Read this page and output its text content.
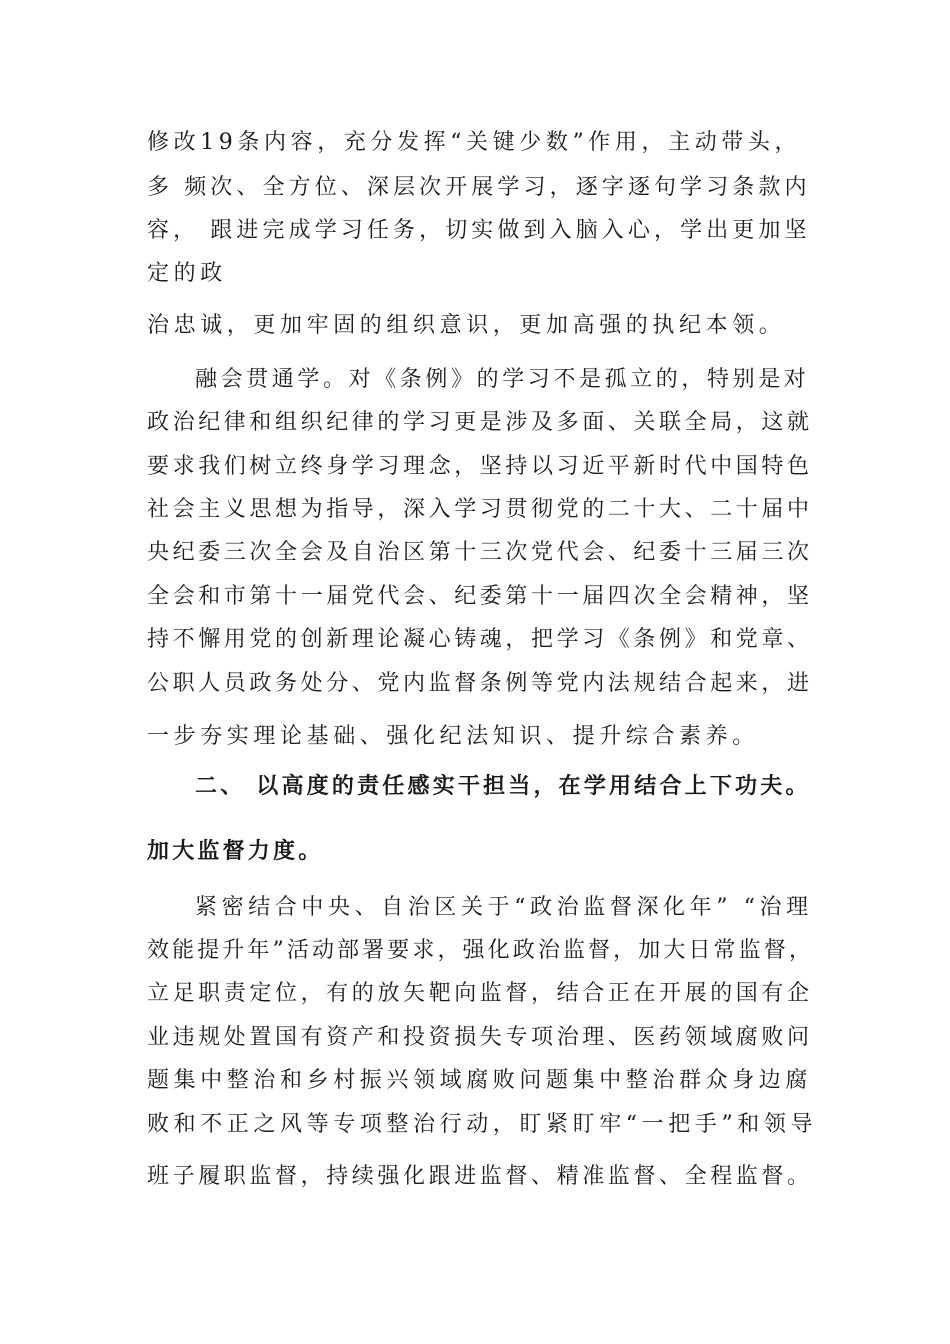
修改19条内容，充分发挥“关键少数”作用，主动带头，
多 频次、全方位、深层次开展学习，逐字逐句学习条款内
容， 跟进完成学习任务，切实做到入脑入心，学出更加坚
定的政
治忠诚，更加牢固的组织意识，更加高强的执纪本领。
融会贯通学。对《条例》的学习不是孤立的，特别是对
政治纪律和组织纪律的学习更是涉及多面、关联全局，这就
要求我们树立终身学习理念，坚持以习近平新时代中国特色
社会主义思想为指导，深入学习贯彻党的二十大、二十届中
央纪委三次全会及自治区第十三次党代会、纪委十三届三次
全会和市第十一届党代会、纪委第十一届四次全会精神，坚
持不懈用党的创新理论凝心铸魂，把学习《条例》和党章、
公职人员政务处分、党内监督条例等党内法规结合起来，进
一步夯实理论基础、强化纪法知识、提升综合素养。
二、 以高度的责任感实干担当，在学用结合上下功夫。
加大监督力度。
紧密结合中央、自治区关于“政治监督深化年” “治理
效能提升年”活动部署要求，强化政治监督，加大日常监督，
立足职责定位，有的放矢靶向监督，结合正在开展的国有企
业违规处置国有资产和投资损失专项治理、医药领域腐败问
题集中整治和乡村振兴领域腐败问题集中整治群众身边腐
败和不正之风等专项整治行动，盯紧盯牢“一把手”和领导
班子履职监督，持续强化跟进监督、精准监督、全程监督。
